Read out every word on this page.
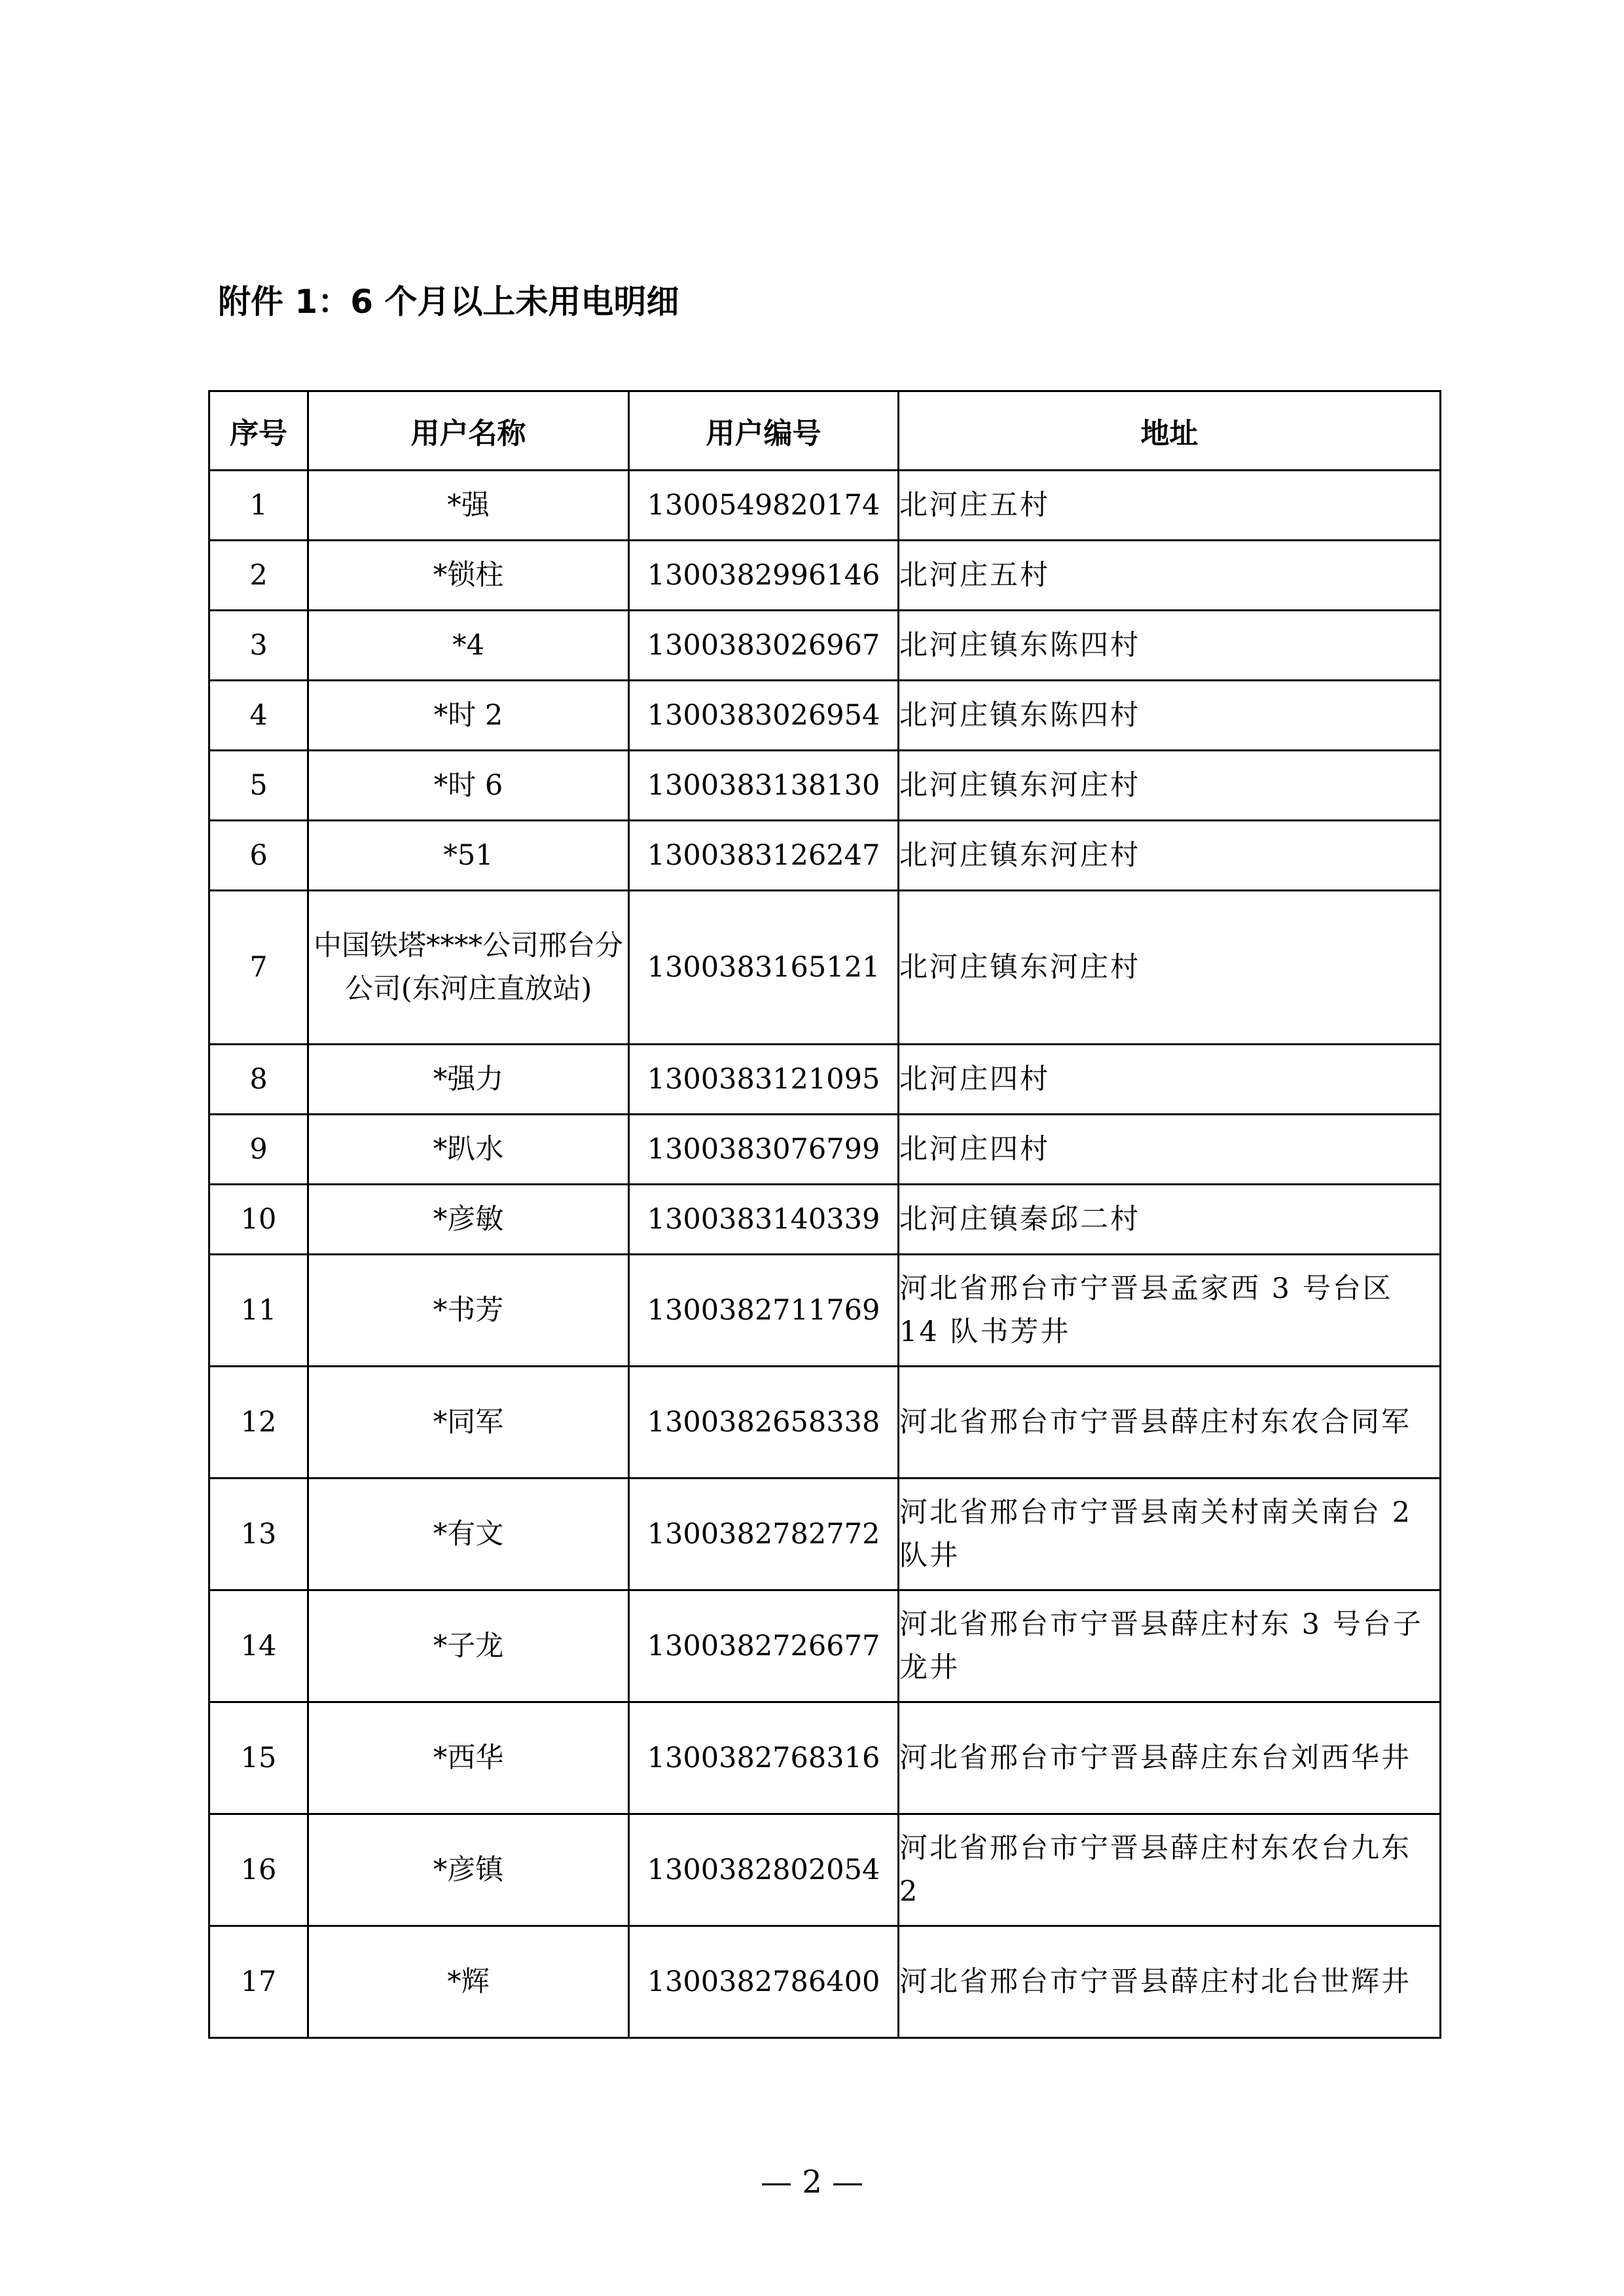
附件 1：6 个月以上未用电明细
序号	用户名称	用户编号	地址
1	*强	1300549820174	北河庄五村
2	*锁柱	1300382996146	北河庄五村
3	*4	1300383026967	北河庄镇东陈四村
4	*时 2	1300383026954	北河庄镇东陈四村
5	*时 6	1300383138130	北河庄镇东河庄村
6	*51	1300383126247	北河庄镇东河庄村
7	中国铁塔****公司邢台分公司(东河庄直放站)	1300383165121	北河庄镇东河庄村
8	*强力	1300383121095	北河庄四村
9	*趴水	1300383076799	北河庄四村
10	*彦敏	1300383140339	北河庄镇秦邱二村
11	*书芳	1300382711769	河北省邢台市宁晋县孟家西 3 号台区 14 队书芳井
12	*同军	1300382658338	河北省邢台市宁晋县薛庄村东农合同军
13	*有文	1300382782772	河北省邢台市宁晋县南关村南关南台 2 队井
14	*子龙	1300382726677	河北省邢台市宁晋县薛庄村东 3 号台子龙井
15	*西华	1300382768316	河北省邢台市宁晋县薛庄东台刘西华井
16	*彦镇	1300382802054	河北省邢台市宁晋县薛庄村东农台九东 2
17	*辉	1300382786400	河北省邢台市宁晋县薛庄村北台世辉井
— 2 —
